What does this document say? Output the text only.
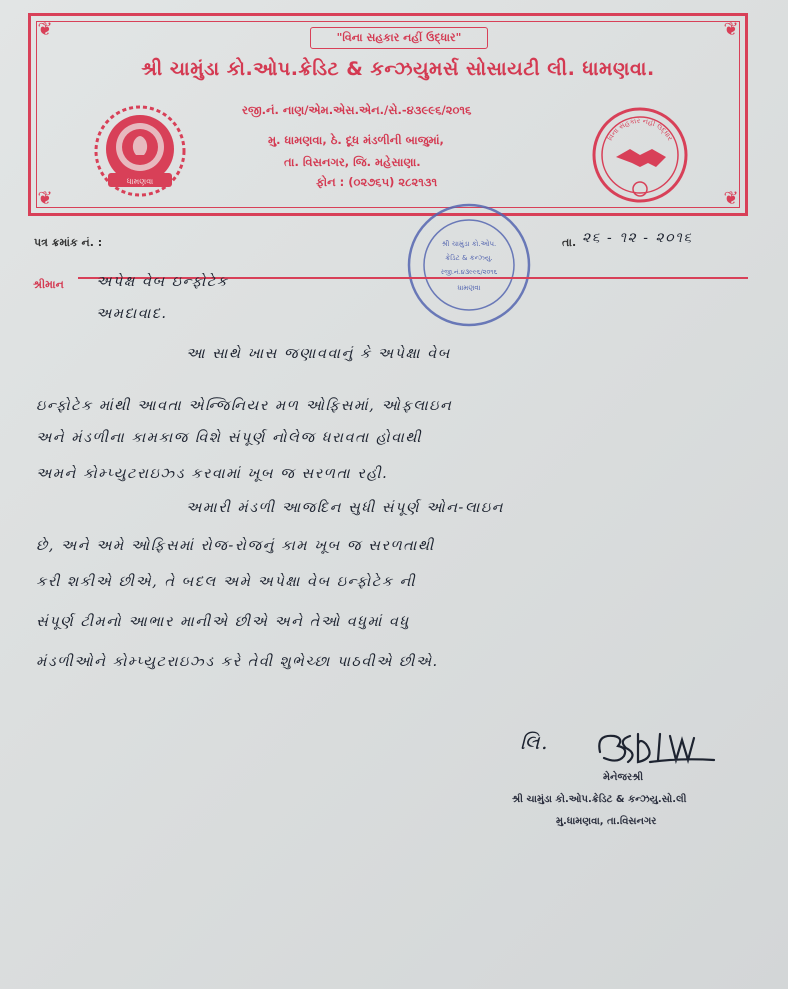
❦	❦
❦	❦
"વિના સહકાર નહીં ઉદ્ધાર"
શ્રી ચામુંડા કો.ઓપ.ક્રેડિટ & કન્ઝયુમર્સ સોસાયટી લી. ધામણવા.
રજી.નં. નાણ/એમ.એસ.એન./સે.-૪૩૯૯૬/૨૦૧૬
મુ. ધામણવા, ઠે. દૂધ મંડળીની બાજુમાં,
તા. વિસનગર, જિ. મહેસાણા.
ફોન : (૦૨૭૬૫) ૨૮૨૧૩૧
ધામણવા
વિના સહકાર નહીં ઉદ્ધાર
પત્ર ક્રમાંક નં. :	તા. ૨૬ - ૧૨ - ૨૦૧૬
શ્રી ચામુંડા કો.ઓપ.
ક્રેડિટ & કન્ઝ્યુ.
રજી.નં.૪૩૯૯૬/૨૦૧૬
ધામણવા
શ્રીમાન અપેક્ષ વેબ ઇન્ફોટેક
અમદાવાદ.
આ સાથે ખાસ જણાવવાનું કે અપેક્ષા વેબ
ઇન્ફોટેક માંથી આવતા એન્જિનિયર મળ ઓફિસમાં, ઓફલાઇન
અને મંડળીના કામકાજ વિશે સંપૂર્ણ નોલેજ ધરાવતા હોવાથી
અમને કોમ્પ્યુટરાઇઝ્ડ કરવામાં ખૂબ જ સરળતા રહી.
અમારી મંડળી આજદિન સુધી સંપૂર્ણ ઓન-લાઇન
છે, અને અમે ઓફિસમાં રોજ-રોજનું કામ ખૂબ જ સરળતાથી
કરી શકીએ છીએ, તે બદલ અમે અપેક્ષા વેબ ઇન્ફોટેક ની
સંપૂર્ણ ટીમનો આભાર માનીએ છીએ અને તેઓ વધુમાં વધુ
મંડળીઓને કોમ્પ્યુટરાઇઝ્ડ કરે તેવી શુભેચ્છા પાઠવીએ છીએ.
લિ.
મેનેજરશ્રી
શ્રી ચામુંડા કો.ઓપ.ક્રેડિટ & કન્ઝયુ.સો.લી
મુ.ધામણવા, તા.વિસનગર
